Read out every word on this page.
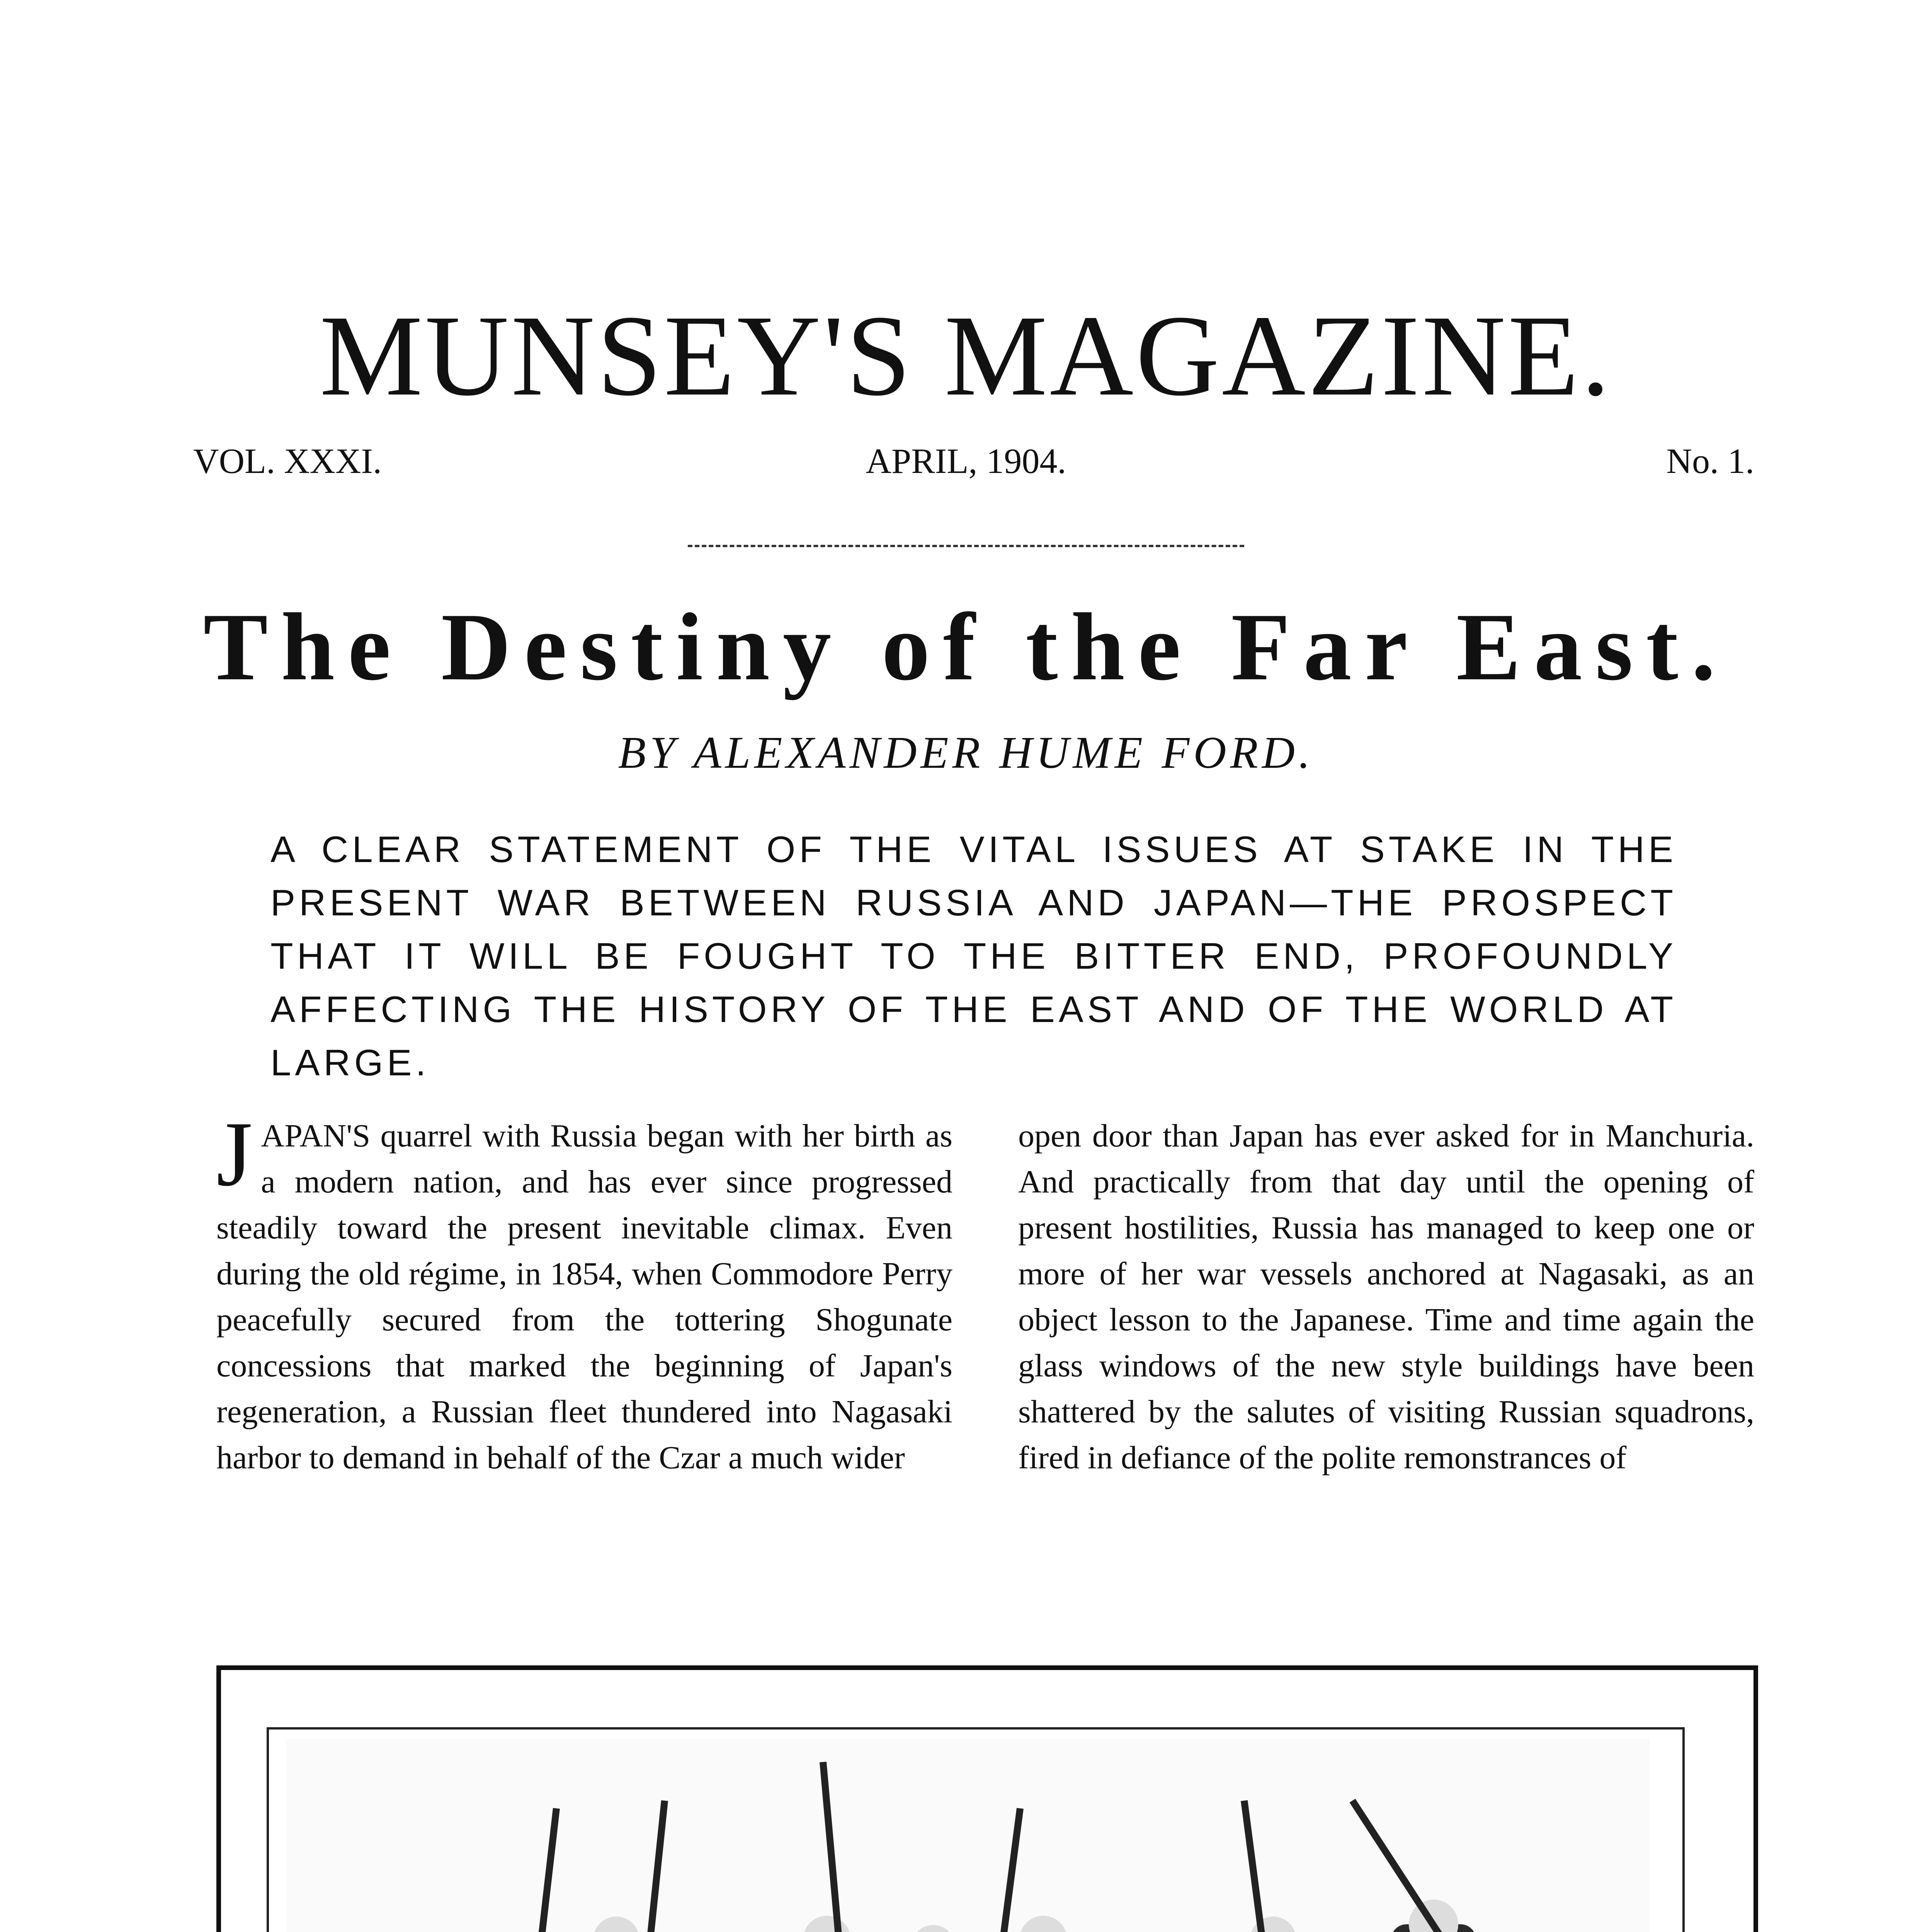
MUNSEY'S MAGAZINE.
VOL. XXXI.	APRIL, 1904.	No. 1.
The Destiny of the Far East.
BY ALEXANDER HUME FORD.
A CLEAR STATEMENT OF THE VITAL ISSUES AT STAKE IN THE PRESENT WAR BETWEEN RUSSIA AND JAPAN—THE PROSPECT THAT IT WILL BE FOUGHT TO THE BITTER END, PROFOUNDLY AFFECTING THE HISTORY OF THE EAST AND OF THE WORLD AT LARGE.
JAPAN'S quarrel with Russia began with her birth as a modern nation, and has ever since progressed steadily toward the present inevitable climax. Even during the old régime, in 1854, when Commodore Perry peacefully secured from the tottering Shogunate concessions that marked the beginning of Japan's regeneration, a Russian fleet thundered into Nagasaki harbor to demand in behalf of the Czar a much wider
open door than Japan has ever asked for in Manchuria. And practically from that day until the opening of present hostilities, Russia has managed to keep one or more of her war vessels anchored at Nagasaki, as an object lesson to the Japanese. Time and time again the glass windows of the new style buildings have been shattered by the salutes of visiting Russian squadrons, fired in defiance of the polite remonstrances of
